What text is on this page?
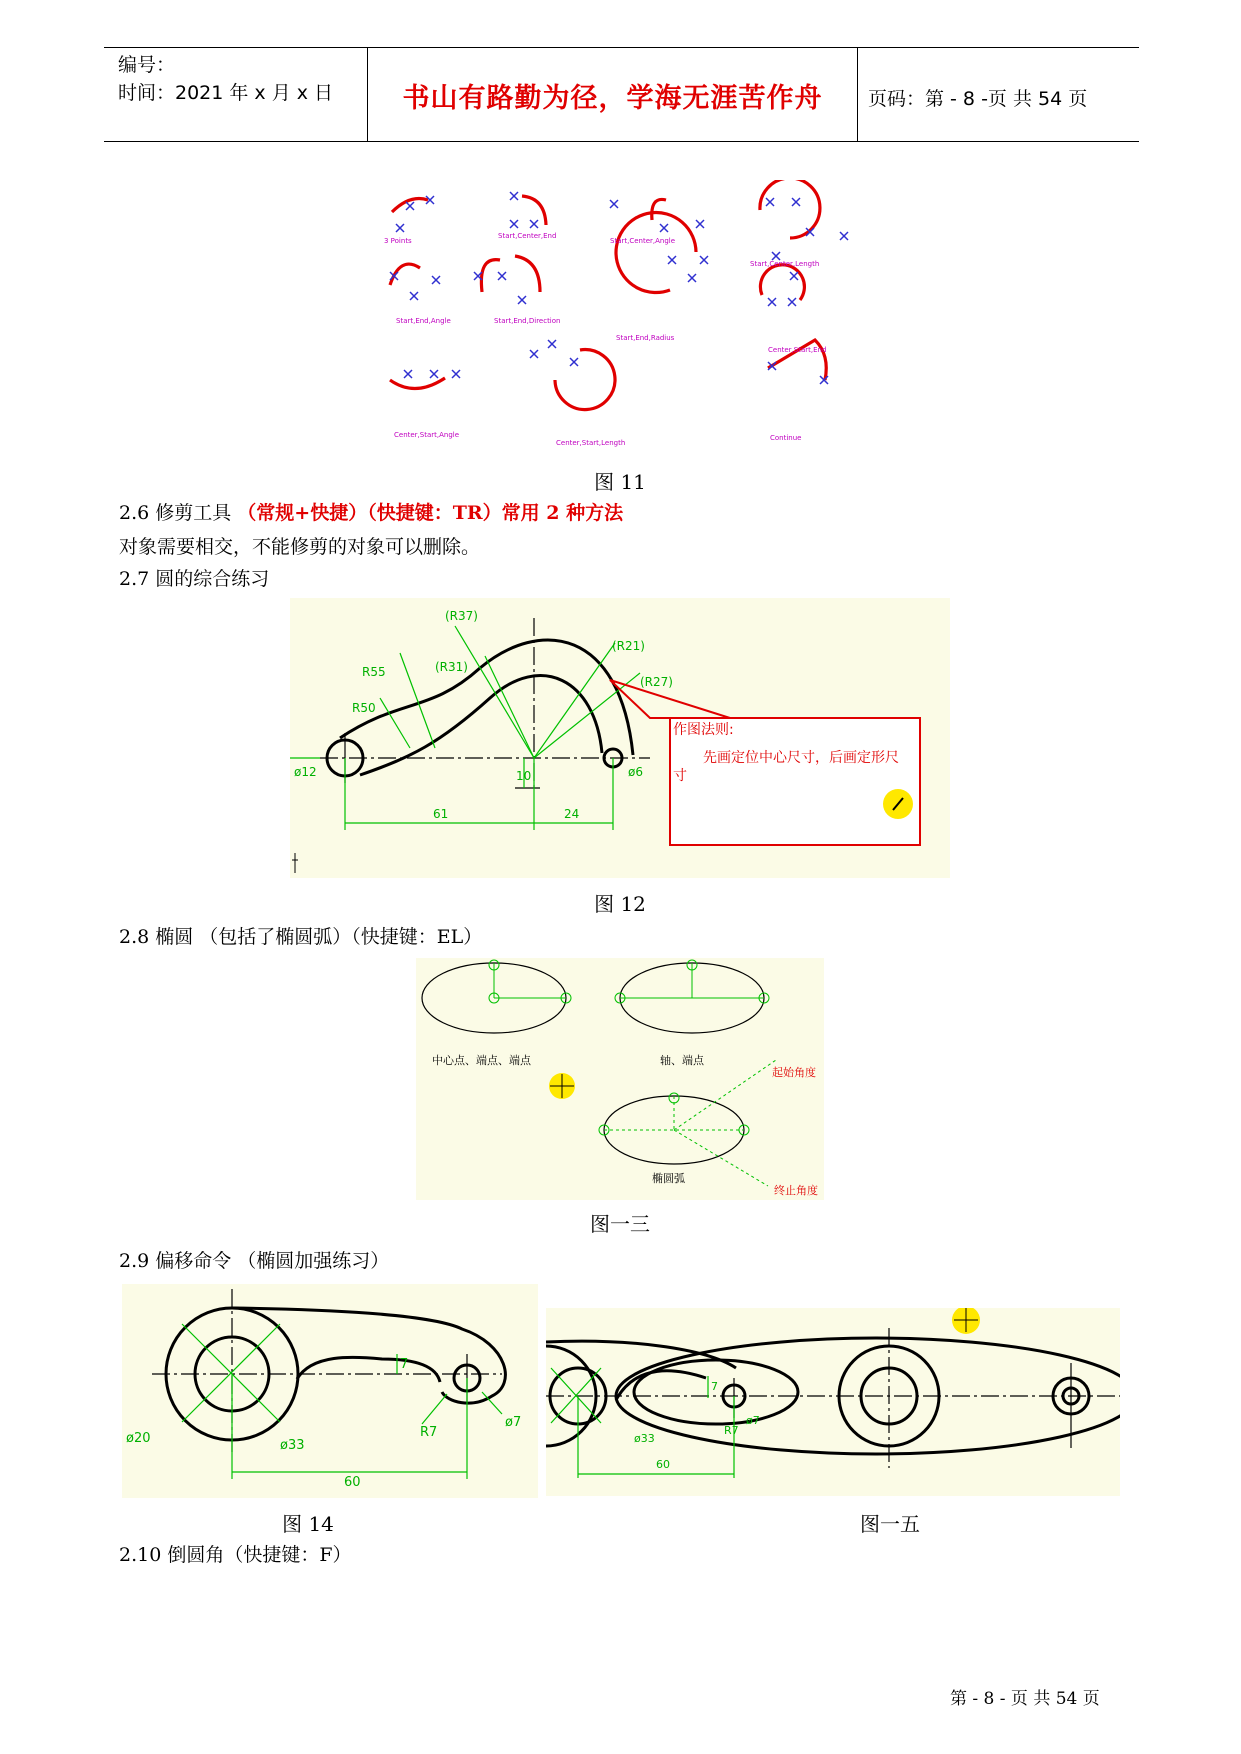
编号：
时间：2021 年 x 月 x 日	书山有路勤为径，学海无涯苦作舟	页码：第 - 8 -页 共 54 页
3 Points
Start,Center,End
Start,Center,Angle
Start,Center,Length
Start,End,Angle	Start,End,Direction
Start,End,Radius
Center,Start,End
Center,Start,Angle
Center,Start,Length
Continue
图 11
2.6 修剪工具 （常规+快捷）（快捷键：TR）常用 2 种方法
对象需要相交，不能修剪的对象可以删除。
2.7 圆的综合练习
(R37)
(R21)
R55	(R31)
(R27)
R50
ø12	ø6
10
61	24
作图法则:
先画定位中心尺寸，后画定形尺
寸
图 12
2.8 椭圆 （包括了椭圆弧）（快捷键：EL）
中心点、端点、端点	轴、端点
椭圆弧
起始角度
终止角度
图一三
2.9 偏移命令 （椭圆加强练习）
ø20	ø33
R7
ø7
7
60
ø33
R7
ø7
7
60
图 14	图一五
2.10 倒圆角（快捷键：F）
第 - 8 - 页 共 54 页
